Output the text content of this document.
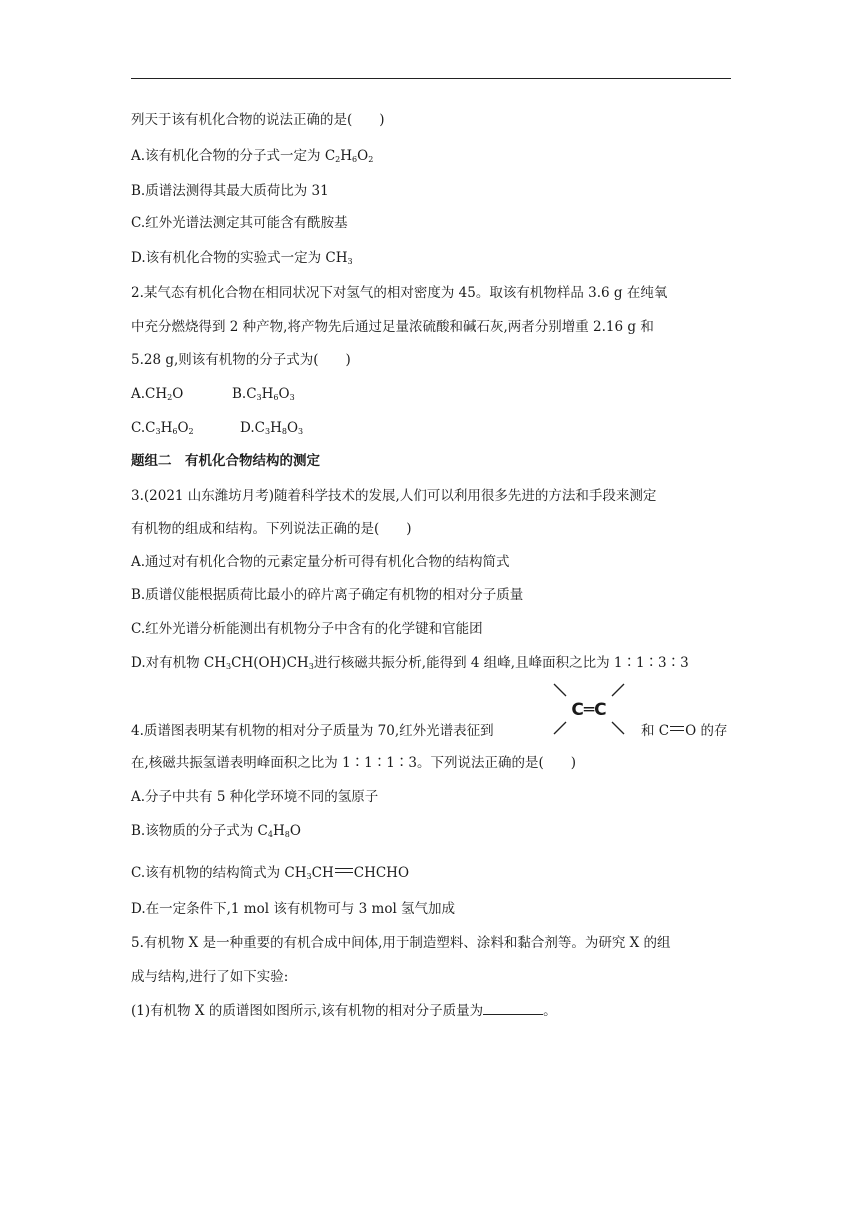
列天于该有机化合物的说法正确的是(　　)
A.该有机化合物的分子式一定为 $C_2H_6O_2$
B.质谱法测得其最大质荷比为 31
C.红外光谱法测定其可能含有酰胺基
D.该有机化合物的实验式一定为 $CH_3$
2.某气态有机化合物在相同状况下对氢气的相对密度为 45。取该有机物样品 3.6 g 在纯氧
中充分燃烧得到 2 种产物,将产物先后通过足量浓硫酸和碱石灰,两者分别增重 2.16 g 和
5.28 g,则该有机物的分子式为(　　)
$A.CH_2O$	$B.C_3H_6O_3$
$C.C_3H_6O_2$	$D.C_3H_8O_3$
题组二　有机化合物结构的测定
3.(2021 山东潍坊月考)随着科学技术的发展,人们可以利用很多先进的方法和手段来测定
有机物的组成和结构。下列说法正确的是(　　)
A.通过对有机化合物的元素定量分析可得有机化合物的结构简式
B.质谱仪能根据质荷比最小的碎片离子确定有机物的相对分子质量
C.红外光谱分析能测出有机物分子中含有的化学键和官能团
D.对有机物 $CH_3CH(OH)CH_3$进行核磁共振分析,能得到 4 组峰,且峰面积之比为 1∶1∶3∶3
4.质谱图表明某有机物的相对分子质量为 70,红外光谱表征到
C═C
和 C O 的存
在,核磁共振氢谱表明峰面积之比为 1∶1∶1∶3。下列说法正确的是(　　)
A.分子中共有 5 种化学环境不同的氢原子
B.该物质的分子式为 $C_4H_8O$
C.该有机物的结构简式为 $CH_3CH$ CHCHO
D.在一定条件下,1 mol 该有机物可与 3 mol 氢气加成
5.有机物 X 是一种重要的有机合成中间体,用于制造塑料、涂料和黏合剂等。为研究 X 的组
成与结构,进行了如下实验:
(1)有机物 X 的质谱图如图所示,该有机物的相对分子质量为	。
